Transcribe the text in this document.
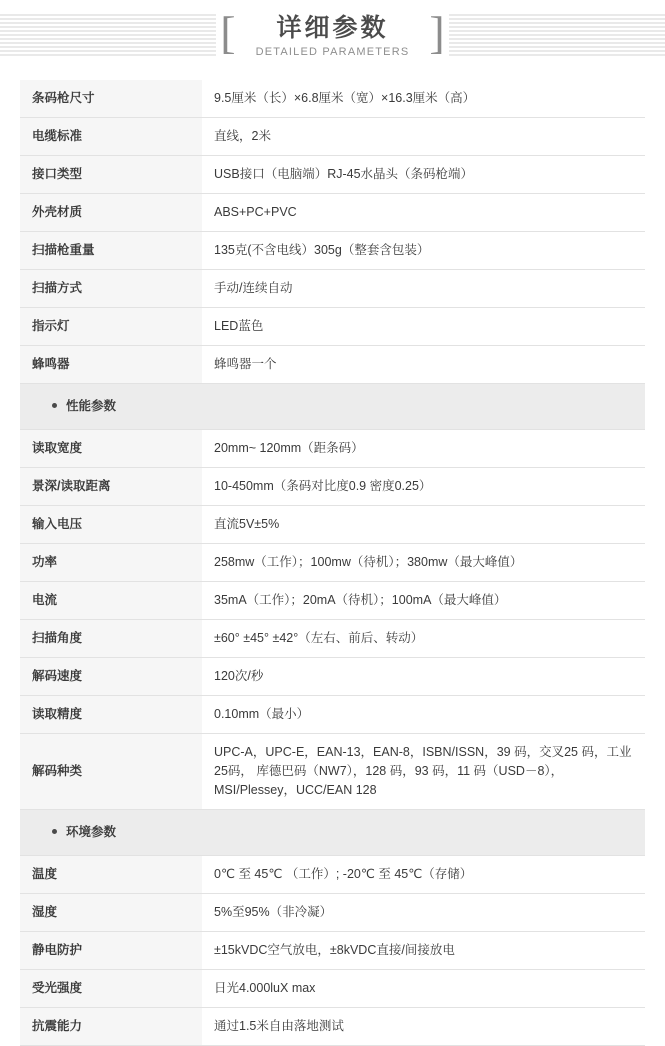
[	详细参数
DETAILED PARAMETERS ]
条码枪尺寸	9.5厘米（长）×6.8厘米（宽）×16.3厘米（高）
电缆标准	直线，2米
接口类型	USB接口（电脑端）RJ-45水晶头（条码枪端）
外壳材质	ABS+PC+PVC
扫描枪重量	135克(不含电线）305g（整套含包装）
扫描方式	手动/连续自动
指示灯	LED蓝色
蜂鸣器	蜂鸣器一个
性能参数	
读取宽度	20mm~ 120mm（距条码）
景深/读取距离	10-450mm（条码对比度0.9 密度0.25）
输入电压	直流5V±5%
功率	258mw（工作）；100mw（待机）；380mw（最大峰值）
电流	35mA（工作）；20mA（待机）；100mA（最大峰值）
扫描角度	±60° ±45° ±42°（左右、前后、转动）
解码速度	120次/秒
读取精度	0.10mm（最小）
解码种类	UPC-A，UPC-E，EAN-13，EAN-8，ISBN/ISSN，39 码，交叉25 码，工业25码， 库德巴码（NW7），128 码，93 码，11 码（USD－8），MSI/Plessey，UCC/EAN 128
环境参数	
温度	0℃ 至 45℃ （工作）; -20℃ 至 45℃（存储）
湿度	5%至95%（非冷凝）
静电防护	±15kVDC空气放电，±8kVDC直接/间接放电
受光强度	日光4.000luX max
抗震能力	通过1.5米自由落地测试
